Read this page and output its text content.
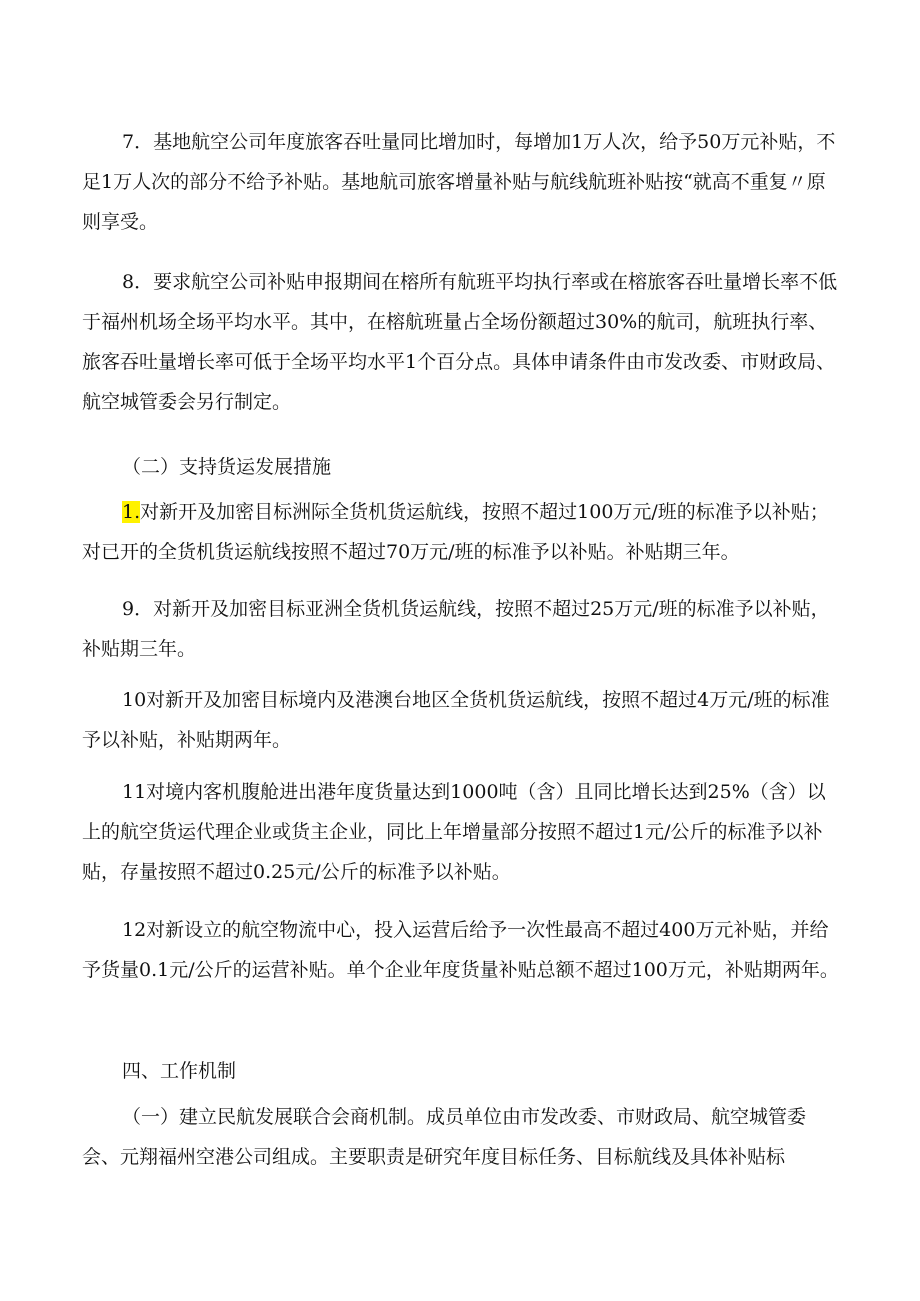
7．基地航空公司年度旅客吞吐量同比增加时，每增加1万人次，给予50万元补贴，不足1万人次的部分不给予补贴。基地航司旅客增量补贴与航线航班补贴按“就高不重复〃原则享受。

8．要求航空公司补贴申报期间在榕所有航班平均执行率或在榕旅客吞吐量增长率不低于福州机场全场平均水平。其中，在榕航班量占全场份额超过30%的航司，航班执行率、旅客吞吐量增长率可低于全场平均水平1个百分点。具体申请条件由市发改委、市财政局、航空城管委会另行制定。

（二）支持货运发展措施

1.对新开及加密目标洲际全货机货运航线，按照不超过100万元/班的标准予以补贴；对已开的全货机货运航线按照不超过70万元/班的标准予以补贴。补贴期三年。

9．对新开及加密目标亚洲全货机货运航线，按照不超过25万元/班的标准予以补贴，补贴期三年。

10对新开及加密目标境内及港澳台地区全货机货运航线，按照不超过4万元/班的标准予以补贴，补贴期两年。

11对境内客机腹舱进出港年度货量达到1000吨（含）且同比增长达到25%（含）以上的航空货运代理企业或货主企业，同比上年增量部分按照不超过1元/公斤的标准予以补贴，存量按照不超过0.25元/公斤的标准予以补贴。

12对新设立的航空物流中心，投入运营后给予一次性最高不超过400万元补贴，并给予货量0.1元/公斤的运营补贴。单个企业年度货量补贴总额不超过100万元，补贴期两年。

四、工作机制

（一）建立民航发展联合会商机制。成员单位由市发改委、市财政局、航空城管委会、元翔福州空港公司组成。主要职责是研究年度目标任务、目标航线及具体补贴标
